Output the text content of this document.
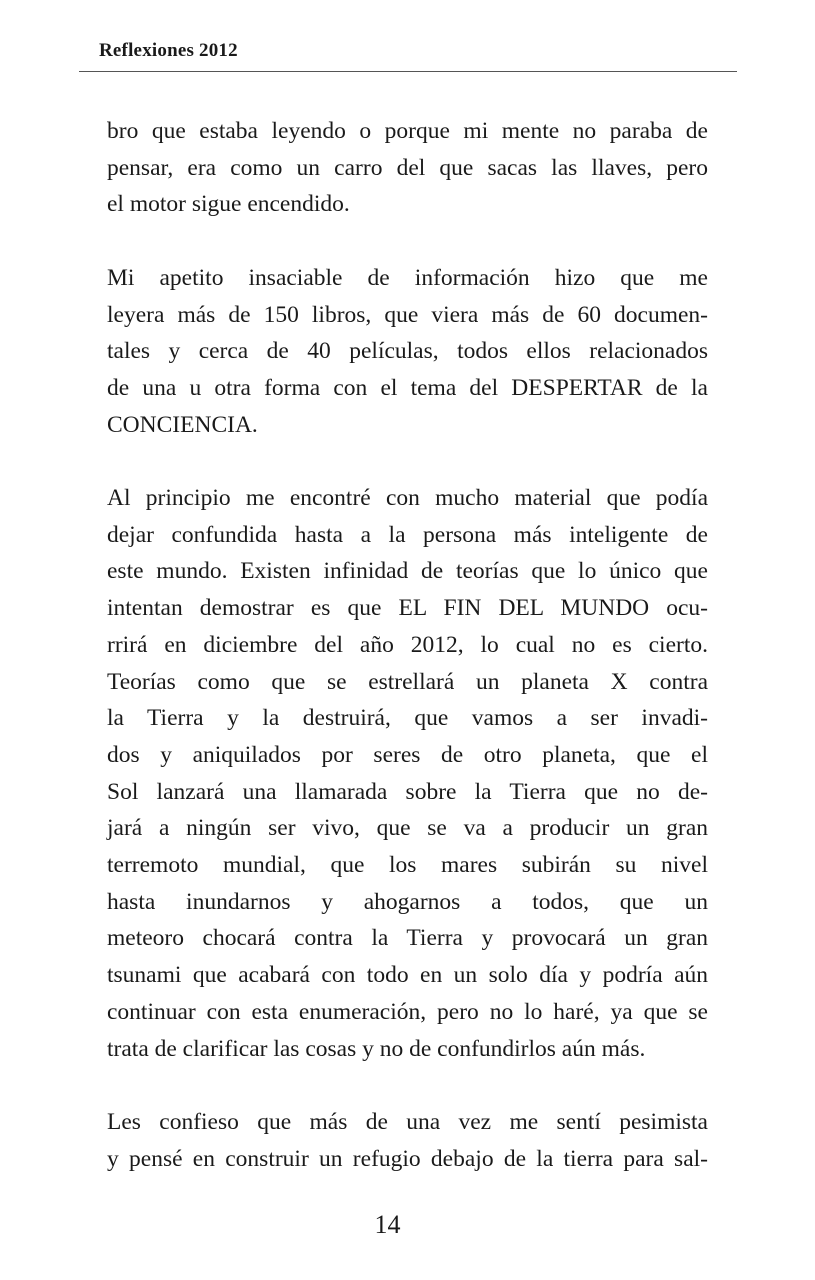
Reflexiones 2012

bro que estaba leyendo o porque mi mente no paraba de
pensar, era como un carro del que sacas las llaves, pero
el motor sigue encendido.

Mi apetito insaciable de información hizo que me
leyera más de 150 libros, que viera más de 60 documen-
tales y cerca de 40 películas, todos ellos relacionados
de una u otra forma con el tema del DESPERTAR de la
CONCIENCIA.

Al principio me encontré con mucho material que podía
dejar confundida hasta a la persona más inteligente de
este mundo. Existen infinidad de teorías que lo único que
intentan demostrar es que EL FIN DEL MUNDO ocu-
rrirá en diciembre del año 2012, lo cual no es cierto.
Teorías como que se estrellará un planeta X contra
la Tierra y la destruirá, que vamos a ser invadi-
dos y aniquilados por seres de otro planeta, que el
Sol lanzará una llamarada sobre la Tierra que no de-
jará a ningún ser vivo, que se va a producir un gran
terremoto mundial, que los mares subirán su nivel
hasta inundarnos y ahogarnos a todos, que un
meteoro chocará contra la Tierra y provocará un gran
tsunami que acabará con todo en un solo día y podría aún
continuar con esta enumeración, pero no lo haré, ya que se
trata de clarificar las cosas y no de confundirlos aún más.

Les confieso que más de una vez me sentí pesimista
y pensé en construir un refugio debajo de la tierra para sal-

14
